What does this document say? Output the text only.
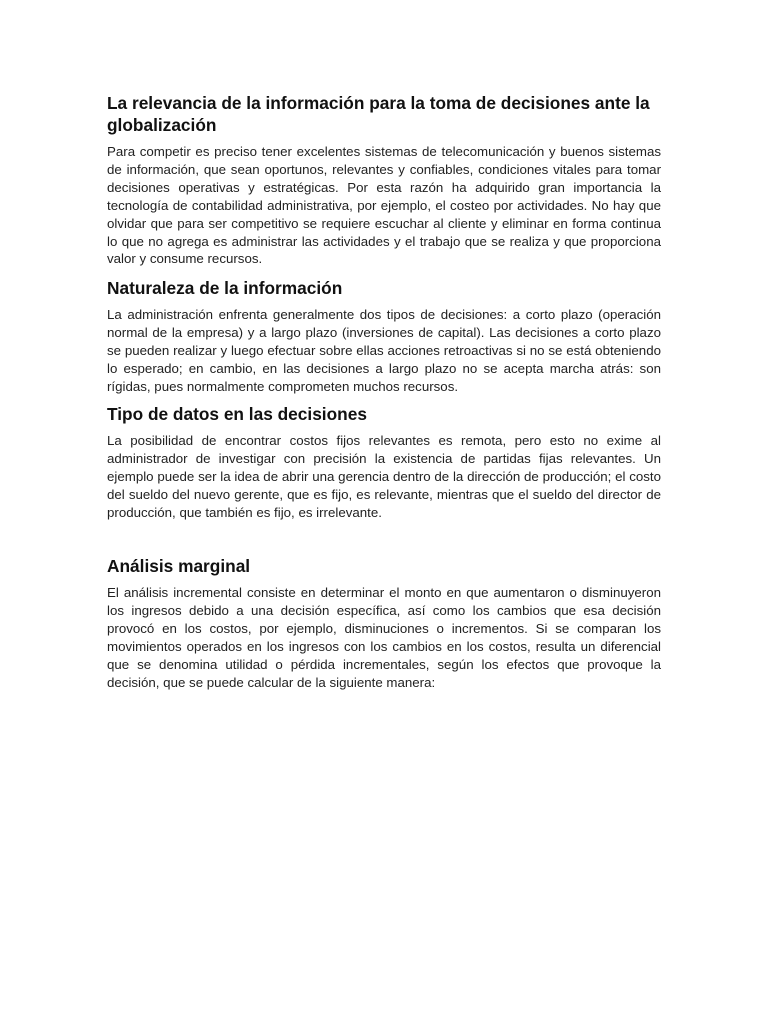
La relevancia de la información para la toma de decisiones ante la globalización

Para competir es preciso tener excelentes sistemas de telecomunicación y buenos sistemas de información, que sean oportunos, relevantes y confiables, condiciones vitales para tomar decisiones operativas y estratégicas. Por esta razón ha adquirido gran importancia la tecnología de contabilidad administrativa, por ejemplo, el costeo por actividades. No hay que olvidar que para ser competitivo se requiere escuchar al cliente y eliminar en forma continua lo que no agrega es administrar las actividades y el trabajo que se realiza y que proporciona valor y consume recursos.

Naturaleza de la información

La administración enfrenta generalmente dos tipos de decisiones: a corto plazo (operación normal de la empresa) y a largo plazo (inversiones de capital). Las decisiones a corto plazo se pueden realizar y luego efectuar sobre ellas acciones retroactivas si no se está obteniendo lo esperado; en cambio, en las decisiones a largo plazo no se acepta marcha atrás: son rígidas, pues normalmente comprometen muchos recursos.

Tipo de datos en las decisiones

La posibilidad de encontrar costos fijos relevantes es remota, pero esto no exime al administrador de investigar con precisión la existencia de partidas fijas relevantes. Un ejemplo puede ser la idea de abrir una gerencia dentro de la dirección de producción; el costo del sueldo del nuevo gerente, que es fijo, es relevante, mientras que el sueldo del director de producción, que también es fijo, es irrelevante.

Análisis marginal

El análisis incremental consiste en determinar el monto en que aumentaron o disminuyeron los ingresos debido a una decisión específica, así como los cambios que esa decisión provocó en los costos, por ejemplo, disminuciones o incrementos. Si se comparan los movimientos operados en los ingresos con los cambios en los costos, resulta un diferencial que se denomina utilidad o pérdida incrementales, según los efectos que provoque la decisión, que se puede calcular de la siguiente manera:
